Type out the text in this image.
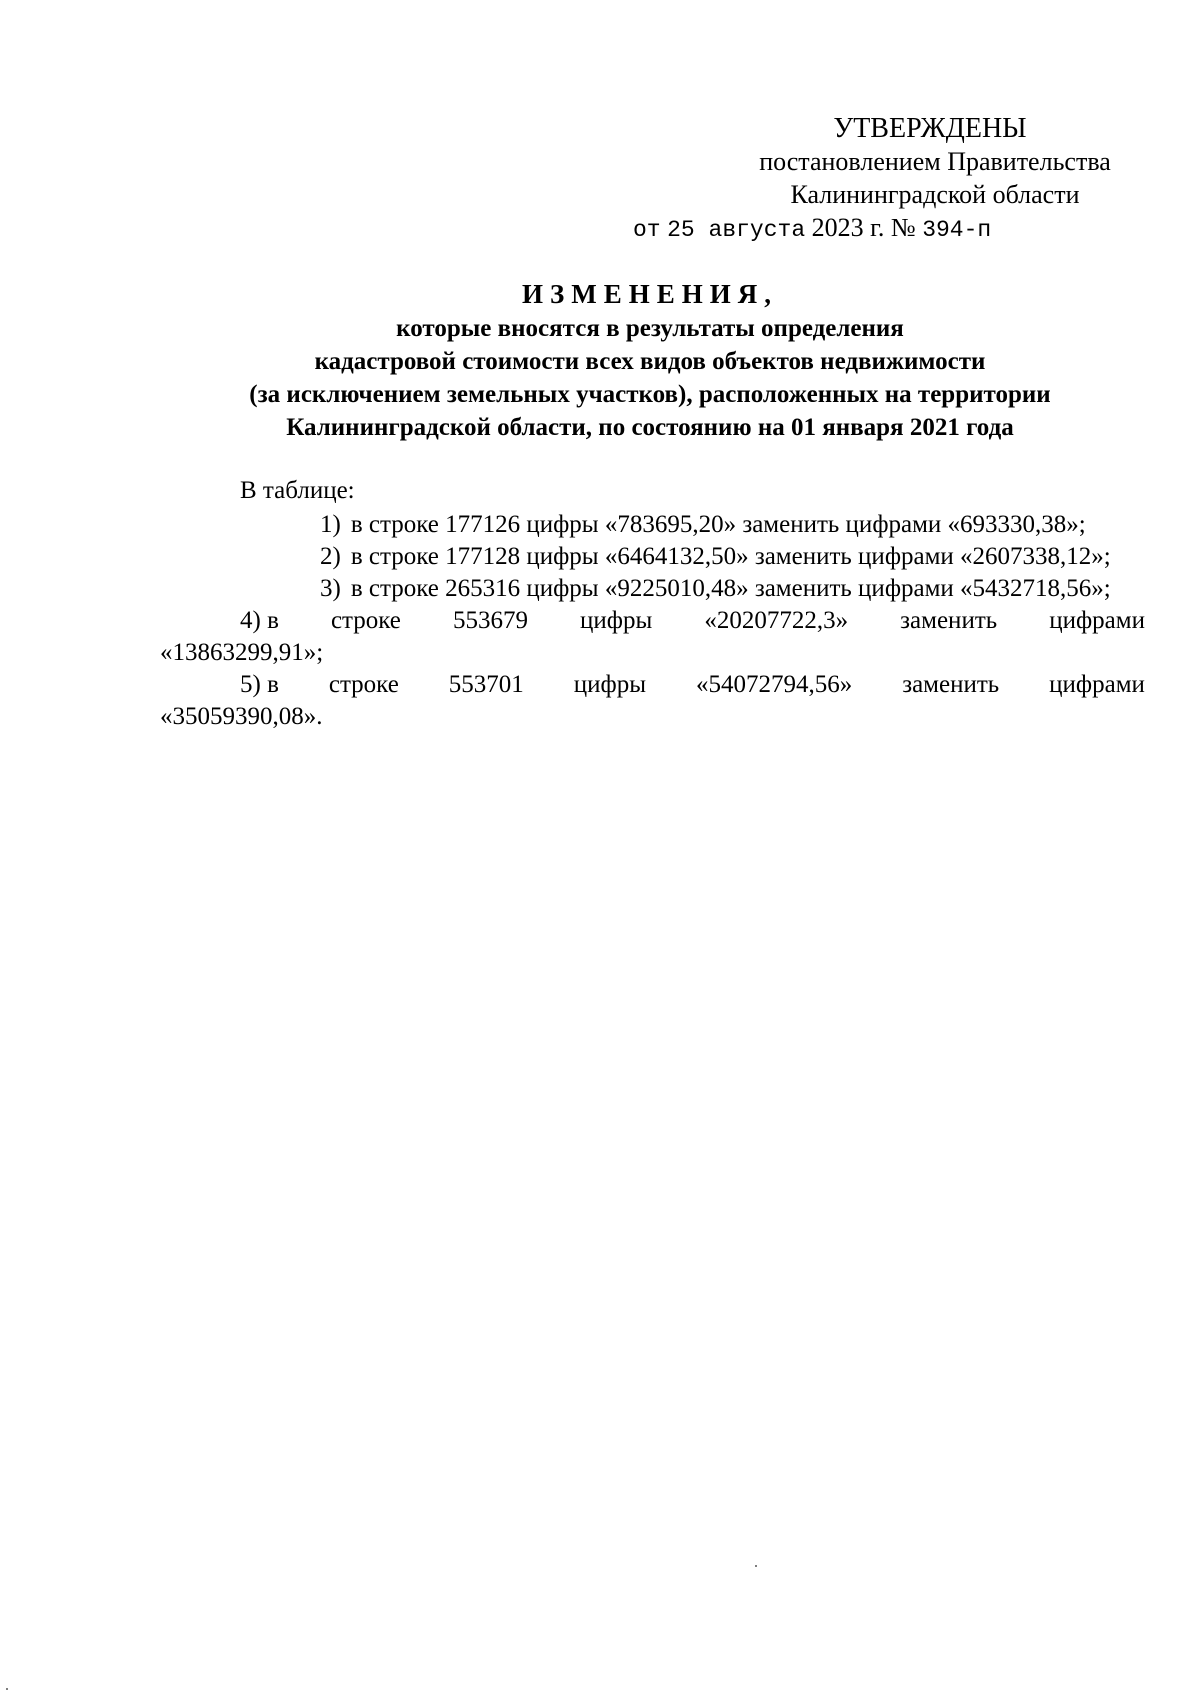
УТВЕРЖДЕНЫ
постановлением Правительства
Калининградской области
от 25 августа 2023 г. № 394-п
ИЗМЕНЕНИЯ,
которые вносятся в результаты определения
кадастровой стоимости всех видов объектов недвижимости
(за исключением земельных участков), расположенных на территории
Калининградской области, по состоянию на 01 января 2021 года
В таблице:

1) в строке 177126 цифры «783695,20» заменить цифрами «693330,38»;

2) в строке 177128 цифры «6464132,50» заменить цифрами «2607338,12»;

3) в строке 265316 цифры «9225010,48» заменить цифрами «5432718,56»;

4) в строке 553679 цифры «20207722,3» заменить цифрами
«13863299,91»;
5) в строке 553701 цифры «54072794,56» заменить цифрами
«35059390,08».
